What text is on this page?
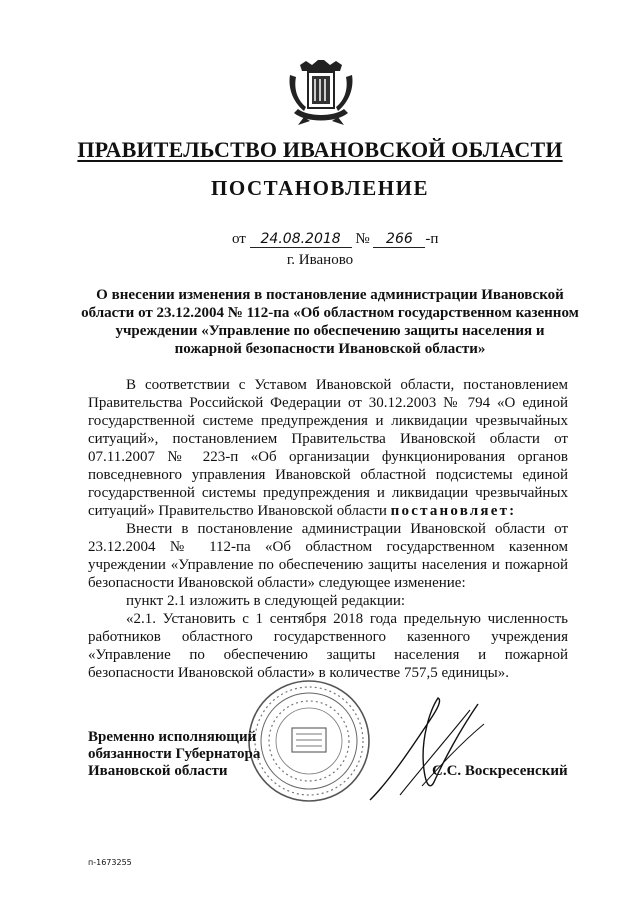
ПРАВИТЕЛЬСТВО ИВАНОВСКОЙ ОБЛАСТИ
ПОСТАНОВЛЕНИЕ
от 24.08.2018 № 266 -п
г. Иваново
О внесении изменения в постановление администрации Ивановской области от 23.12.2004 № 112-па «Об областном государственном казенном учреждении «Управление по обеспечению защиты населения и пожарной безопасности Ивановской области»

В соответствии с Уставом Ивановской области, постановлением Правительства Российской Федерации от 30.12.2003 № 794 «О единой государственной системе предупреждения и ликвидации чрезвычайных ситуаций», постановлением Правительства Ивановской области от 07.11.2007 № 223-п «Об организации функционирования органов повседневного управления Ивановской областной подсистемы единой государственной системы предупреждения и ликвидации чрезвычайных ситуаций» Правительство Ивановской области постановляет:

Внести в постановление администрации Ивановской области от 23.12.2004 № 112-па «Об областном государственном казенном учреждении «Управление по обеспечению защиты населения и пожарной безопасности Ивановской области» следующее изменение:

пункт 2.1 изложить в следующей редакции:

«2.1. Установить с 1 сентября 2018 года предельную численность работников областного государственного казенного учреждения «Управление по обеспечению защиты населения и пожарной безопасности Ивановской области» в количестве 757,5 единицы».

Временно исполняющий
обязанности Губернатора
Ивановской области	С.С. Воскресенский
п-1673255
